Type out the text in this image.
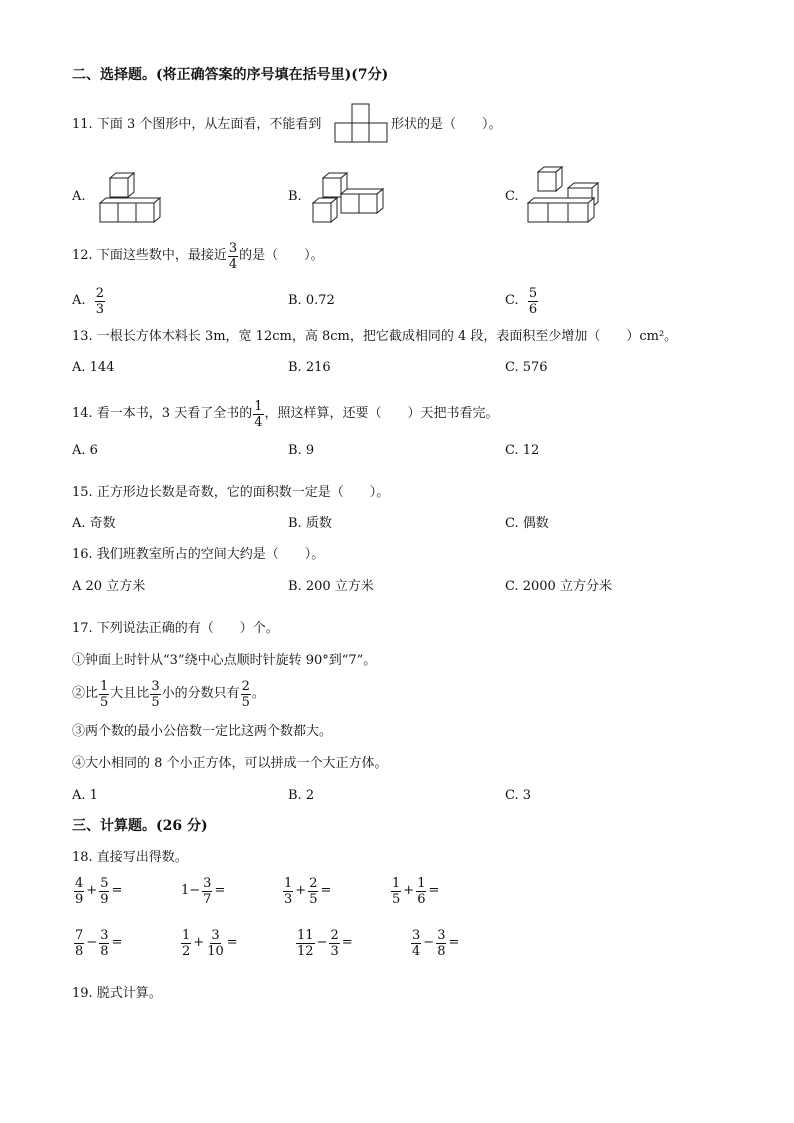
二、选择题。(将正确答案的序号填在括号里)(7分)
11. 下面 3 个图形中，从左面看，不能看到	形状的是（　　）。
A.	B.	C.
12.
下面这些数中，最接近 $\frac{3}{4}$ 的是（　　）。
A.
$\frac{2}{3}$	B. 0.72	C.
$\frac{5}{6}$
13. 一根长方体木料长 3m，宽 12cm，高 8cm，把它截成相同的 4 段，表面积至少增加（　　）cm²。
A. 144	B. 216	C. 576
14. 看一本书，3 天看了全书的 $\frac{1}{4}$ ，照这样算，还要（　　）天把书看完。
A. 6	B. 9	C. 12
15. 正方形边长数是奇数，它的面积数一定是（　　）。
A. 奇数	B. 质数	C. 偶数
16. 我们班教室所占的空间大约是（　　）。
A 20 立方米	B. 200 立方米	C. 2000 立方分米
17. 下列说法正确的有（　　）个。
①钟面上时针从“3”绕中心点顺时针旋转 90°到“7”。
②比 $\frac{1}{5}$ 大且比 $\frac{3}{5}$ 小的分数只有 $\frac{2}{5}$ 。
③两个数的最小公倍数一定比这两个数都大。
④大小相同的 8 个小正方体，可以拼成一个大正方体。
A. 1	B. 2	C. 3
三、计算题。(26 分)
18. 直接写出得数。
$\frac{4}{9} + \frac{5}{9}$ =	$1- \frac{3}{7}$ =	$\frac{1}{3} + \frac{2}{5}$ =	$\frac{1}{5} + \frac{1}{6}$ =
$\frac{7}{8} - \frac{3}{8}$ =	$\frac{1}{2} + \frac{3}{10}$ =	$\frac{11}{12} - \frac{2}{3}$ =	$\frac{3}{4} - \frac{3}{8}$ =
19. 脱式计算。
